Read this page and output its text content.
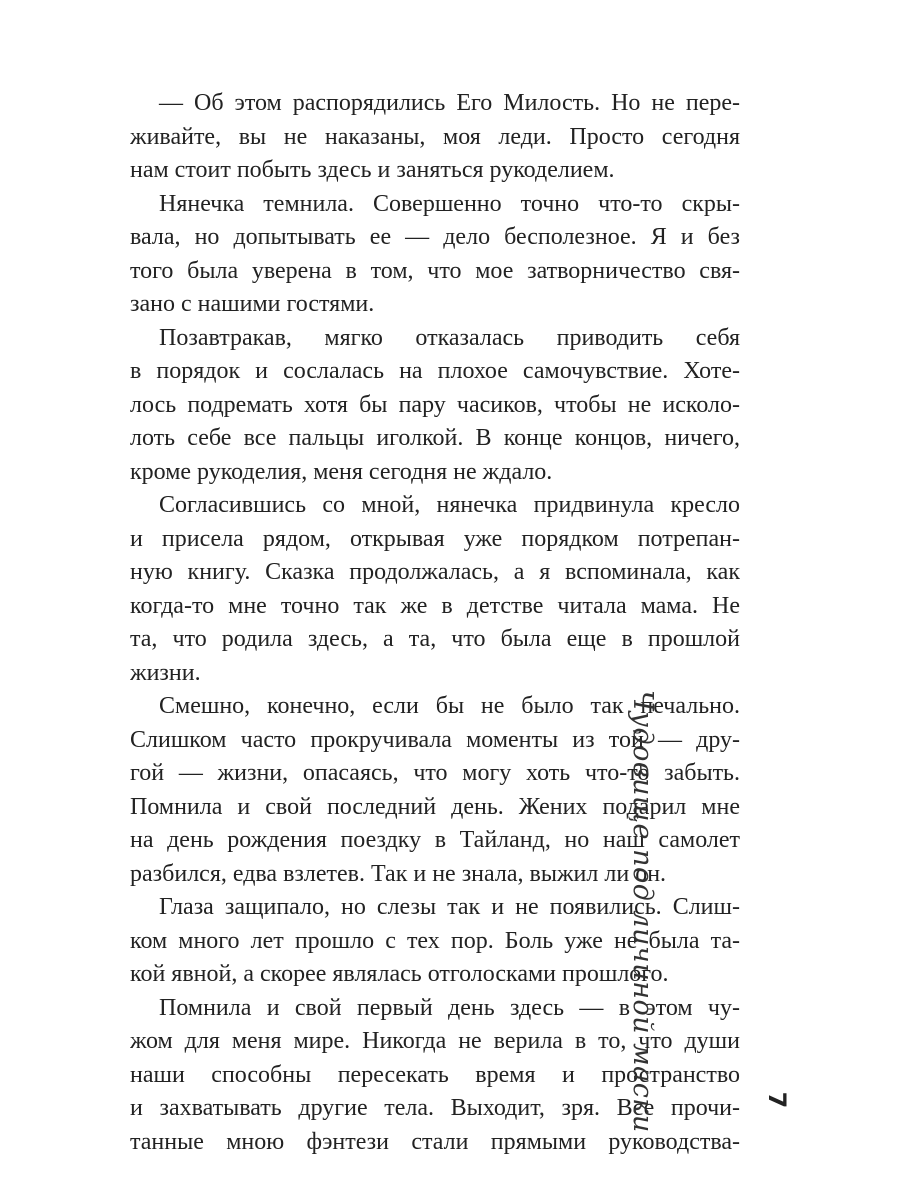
— Об этом распорядились Его Милость. Но не пере-
живайте, вы не наказаны, моя леди. Просто сегодня
нам стоит побыть здесь и заняться рукоделием.
Нянечка темнила. Совершенно точно что-то скры-
вала, но допытывать ее — дело бесполезное. Я и без
того была уверена в том, что мое затворничество свя-
зано с нашими гостями.
Позавтракав, мягко отказалась приводить себя
в порядок и сослалась на плохое самочувствие. Хоте-
лось подремать хотя бы пару часиков, чтобы не исколо-
лоть себе все пальцы иголкой. В конце концов, ничего,
кроме рукоделия, меня сегодня не ждало.
Согласившись со мной, нянечка придвинула кресло
и присела рядом, открывая уже порядком потрепан-
ную книгу. Сказка продолжалась, а я вспоминала, как
когда-то мне точно так же в детстве читала мама. Не
та, что родила здесь, а та, что была еще в прошлой
жизни.
Смешно, конечно, если бы не было так печально.
Слишком часто прокручивала моменты из той — дру-
гой — жизни, опасаясь, что могу хоть что-то забыть.
Помнила и свой последний день. Жених подарил мне
на день рождения поездку в Тайланд, но наш самолет
разбился, едва взлетев. Так и не знала, выжил ли он.
Глаза защипало, но слезы так и не появились. Слиш-
ком много лет прошло с тех пор. Боль уже не была та-
кой явной, а скорее являлась отголосками прошлого.
Помнила и свой первый день здесь — в этом чу-
жом для меня мире. Никогда не верила в то, что души
наши способны пересекать время и пространство
и захватывать другие тела. Выходит, зря. Все прочи-
танные мною фэнтези стали прямыми руководства-
Чудовище под личиной маски	7
